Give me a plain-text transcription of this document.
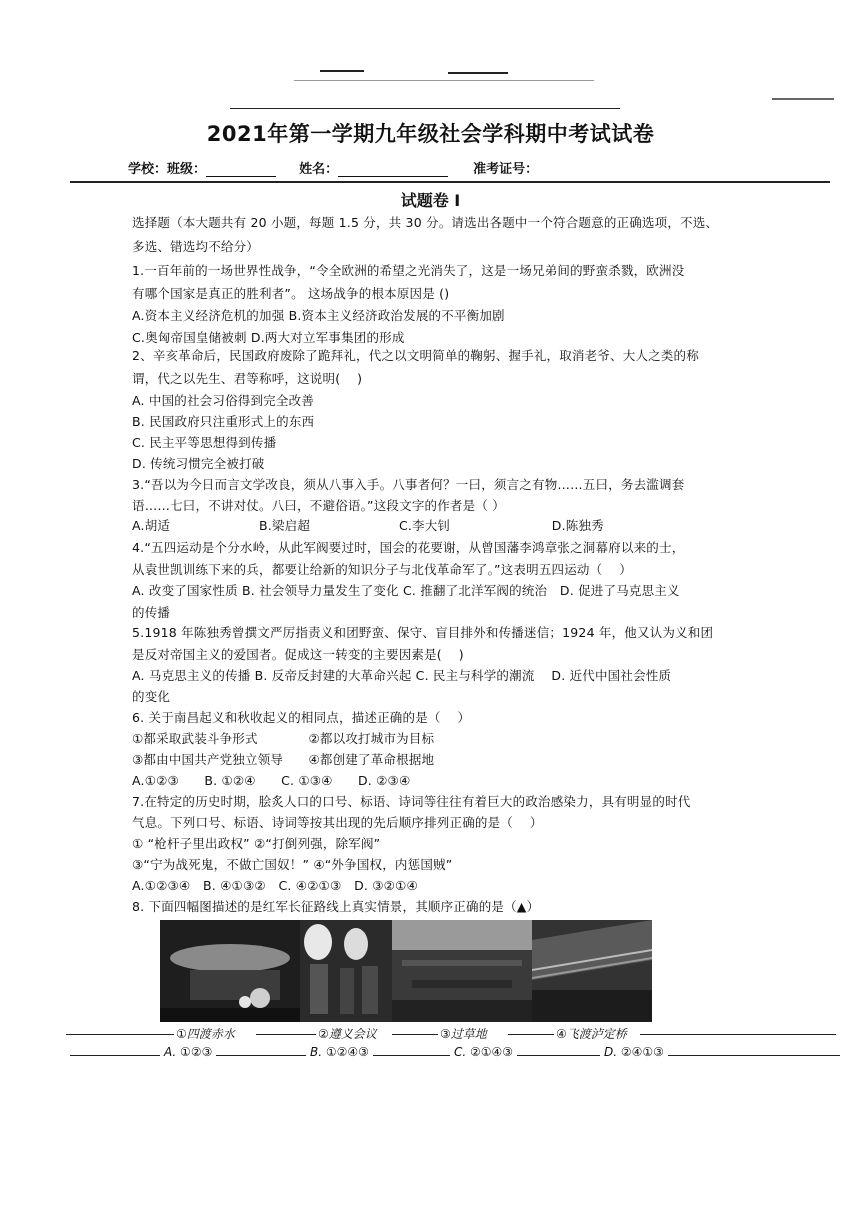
2021年第一学期九年级社会学科期中考试试卷
学校：班级：	姓名：	准考证号：
试题卷 I
选择题（本大题共有 20 小题，每题 1.5 分，共 30 分。请选出各题中一个符合题意的正确选项，不选、
多选、错选均不给分）
1.一百年前的一场世界性战争，“令全欧洲的希望之光消失了，这是一场兄弟间的野蛮杀戮，欧洲没
有哪个国家是真正的胜利者”。 这场战争的根本原因是 ()
A.资本主义经济危机的加强 B.资本主义经济政治发展的不平衡加剧
C.奥匈帝国皇储被刺 D.两大对立军事集团的形成
2、辛亥革命后，民国政府废除了跪拜礼，代之以文明简单的鞠躬、握手礼，取消老爷、大人之类的称
谓，代之以先生、君等称呼，这说明(　 )
A. 中国的社会习俗得到完全改善
B. 民国政府只注重形式上的东西
C. 民主平等思想得到传播
D. 传统习惯完全被打破
3.“吾以为今日而言文学改良，须从八事入手。八事者何？一曰，须言之有物……五曰，务去滥调套
语……七曰，不讲对仗。八曰，不避俗语。”这段文字的作者是（ ）
A.胡适　　　　　　　B.梁启超　　　　　　　C.李大钊　　　　　　　　D.陈独秀
4.“五四运动是个分水岭，从此军阀要过时，国会的花要谢，从曾国藩李鸿章张之洞幕府以来的士，
从袁世凯训练下来的兵，都要让给新的知识分子与北伐革命军了。”这表明五四运动（　 ）
A. 改变了国家性质 B. 社会领导力量发生了变化 C. 推翻了北洋军阀的统治　D. 促进了马克思主义
的传播
5.1918 年陈独秀曾撰文严厉指责义和团野蛮、保守、盲目排外和传播迷信；1924 年，他又认为义和团
是反对帝国主义的爱国者。促成这一转变的主要因素是(　 )
A. 马克思主义的传播 B. 反帝反封建的大革命兴起 C. 民主与科学的潮流　 D. 近代中国社会性质
的变化
6. 关于南昌起义和秋收起义的相同点，描述正确的是（　 ）
①都采取武装斗争形式　　　　②都以攻打城市为目标
③都由中国共产党独立领导　　④都创建了革命根据地
A.①②③　　B. ①②④　　C. ①③④　　D. ②③④
7.在特定的历史时期，脍炙人口的口号、标语、诗词等往往有着巨大的政治感染力，具有明显的时代
气息。下列口号、标语、诗词等按其出现的先后顺序排列正确的是（　 ）
① “枪杆子里出政权” ②“打倒列强，除军阀”
③“宁为战死鬼，不做亡国奴！” ④“外争国权，内惩国贼”
A.①②③④　B. ④①③②　C. ④②①③　D. ③②①④
8. 下面四幅图描述的是红军长征路线上真实情景，其顺序正确的是（▲）
①四渡赤水	②遵义会议	③过草地	④飞渡泸定桥
A. ①②③	B. ①②④③	C. ②①④③	D. ②④①③
